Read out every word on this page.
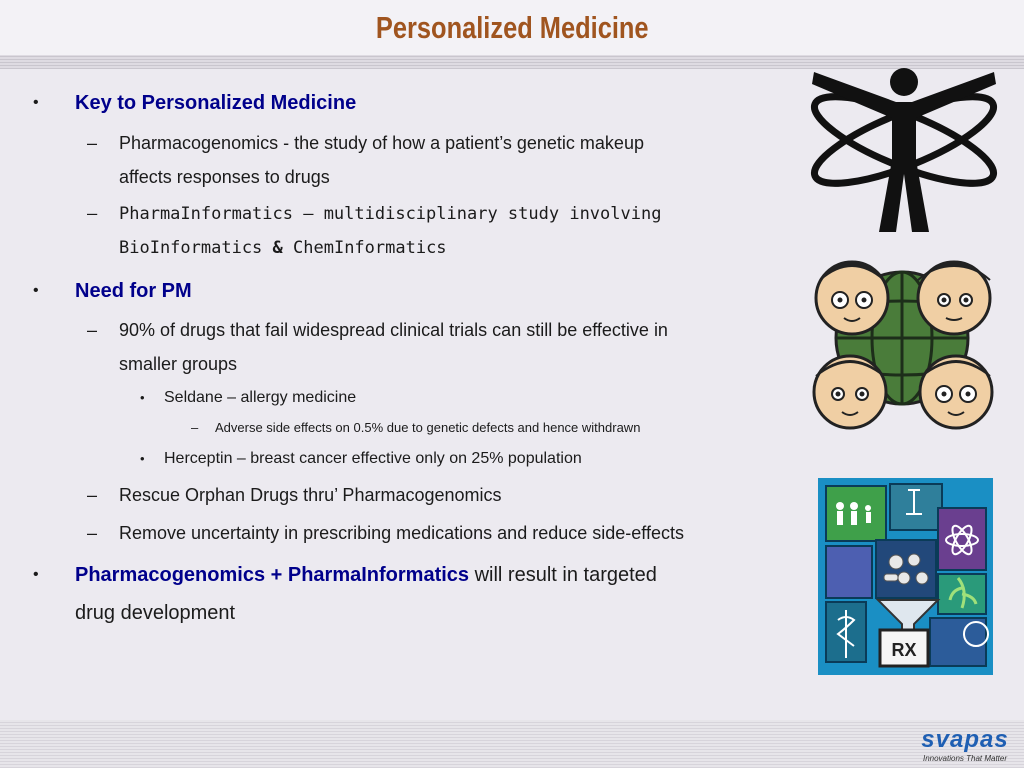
Personalized Medicine
• Key to Personalized Medicine
– Pharmacogenomics - the study of how a patient’s genetic makeup
affects responses to drugs
– PharmaInformatics – multidisciplinary study involving
BioInformatics & ChemInformatics
• Need for PM
– 90% of drugs that fail widespread clinical trials can still be effective in
smaller groups
• Seldane – allergy medicine
– Adverse side effects on 0.5% due to genetic defects and hence withdrawn
• Herceptin – breast cancer effective only on 25% population
– Rescue Orphan Drugs thru’ Pharmacogenomics
– Remove uncertainty in prescribing medications and reduce side-effects
• Pharmacogenomics + PharmaInformatics will result in targeted
drug development
RX
svapas
Innovations That Matter
